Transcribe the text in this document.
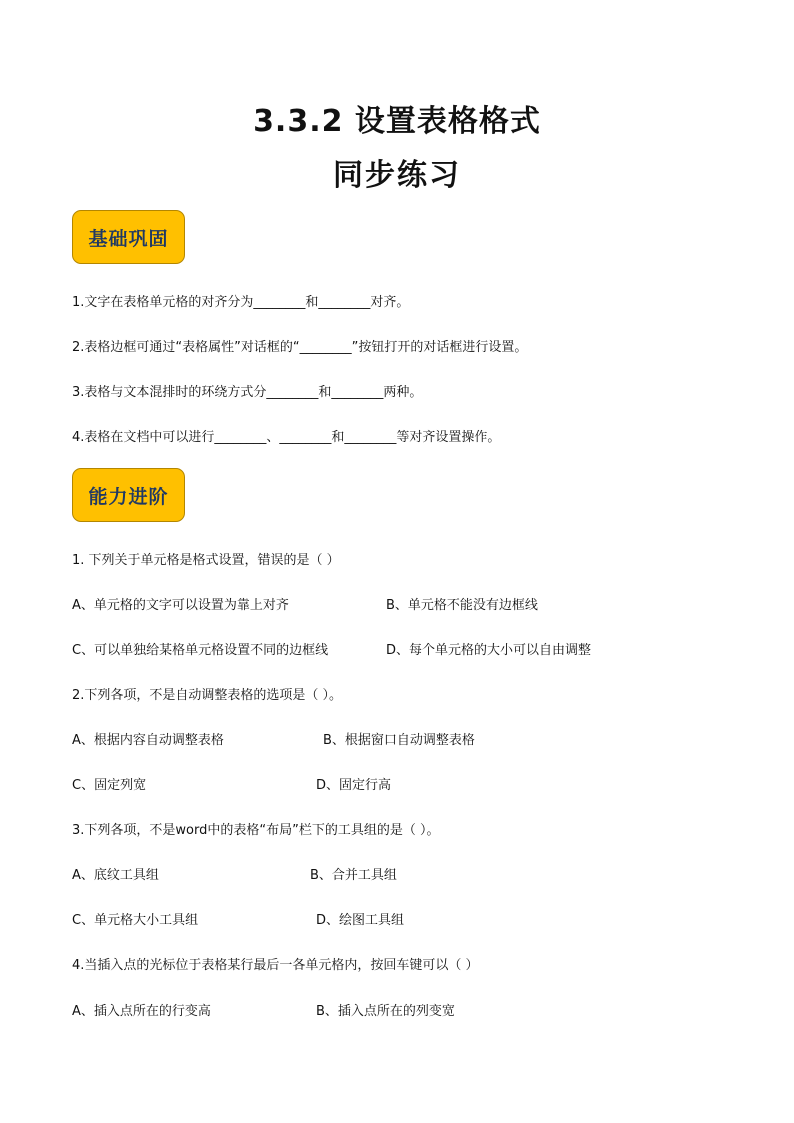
3.3.2 设置表格格式
同步练习
基础巩固
1.文字在表格单元格的对齐分为________和________对齐。
2.表格边框可通过“表格属性”对话框的“________”按钮打开的对话框进行设置。
3.表格与文本混排时的环绕方式分________和________两种。
4.表格在文档中可以进行________、________和________等对齐设置操作。
能力进阶
1. 下列关于单元格是格式设置，错误的是（ ）
A、单元格的文字可以设置为靠上对齐	B、单元格不能没有边框线
C、可以单独给某格单元格设置不同的边框线	D、每个单元格的大小可以自由调整
2.下列各项，不是自动调整表格的选项是（ ）。
A、根据内容自动调整表格	B、根据窗口自动调整表格
C、固定列宽	D、固定行高
3.下列各项，不是word中的表格“布局”栏下的工具组的是（ ）。
A、底纹工具组	B、合并工具组
C、单元格大小工具组	D、绘图工具组
4.当插入点的光标位于表格某行最后一各单元格内，按回车键可以（ ）
A、插入点所在的行变高	B、插入点所在的列变宽
